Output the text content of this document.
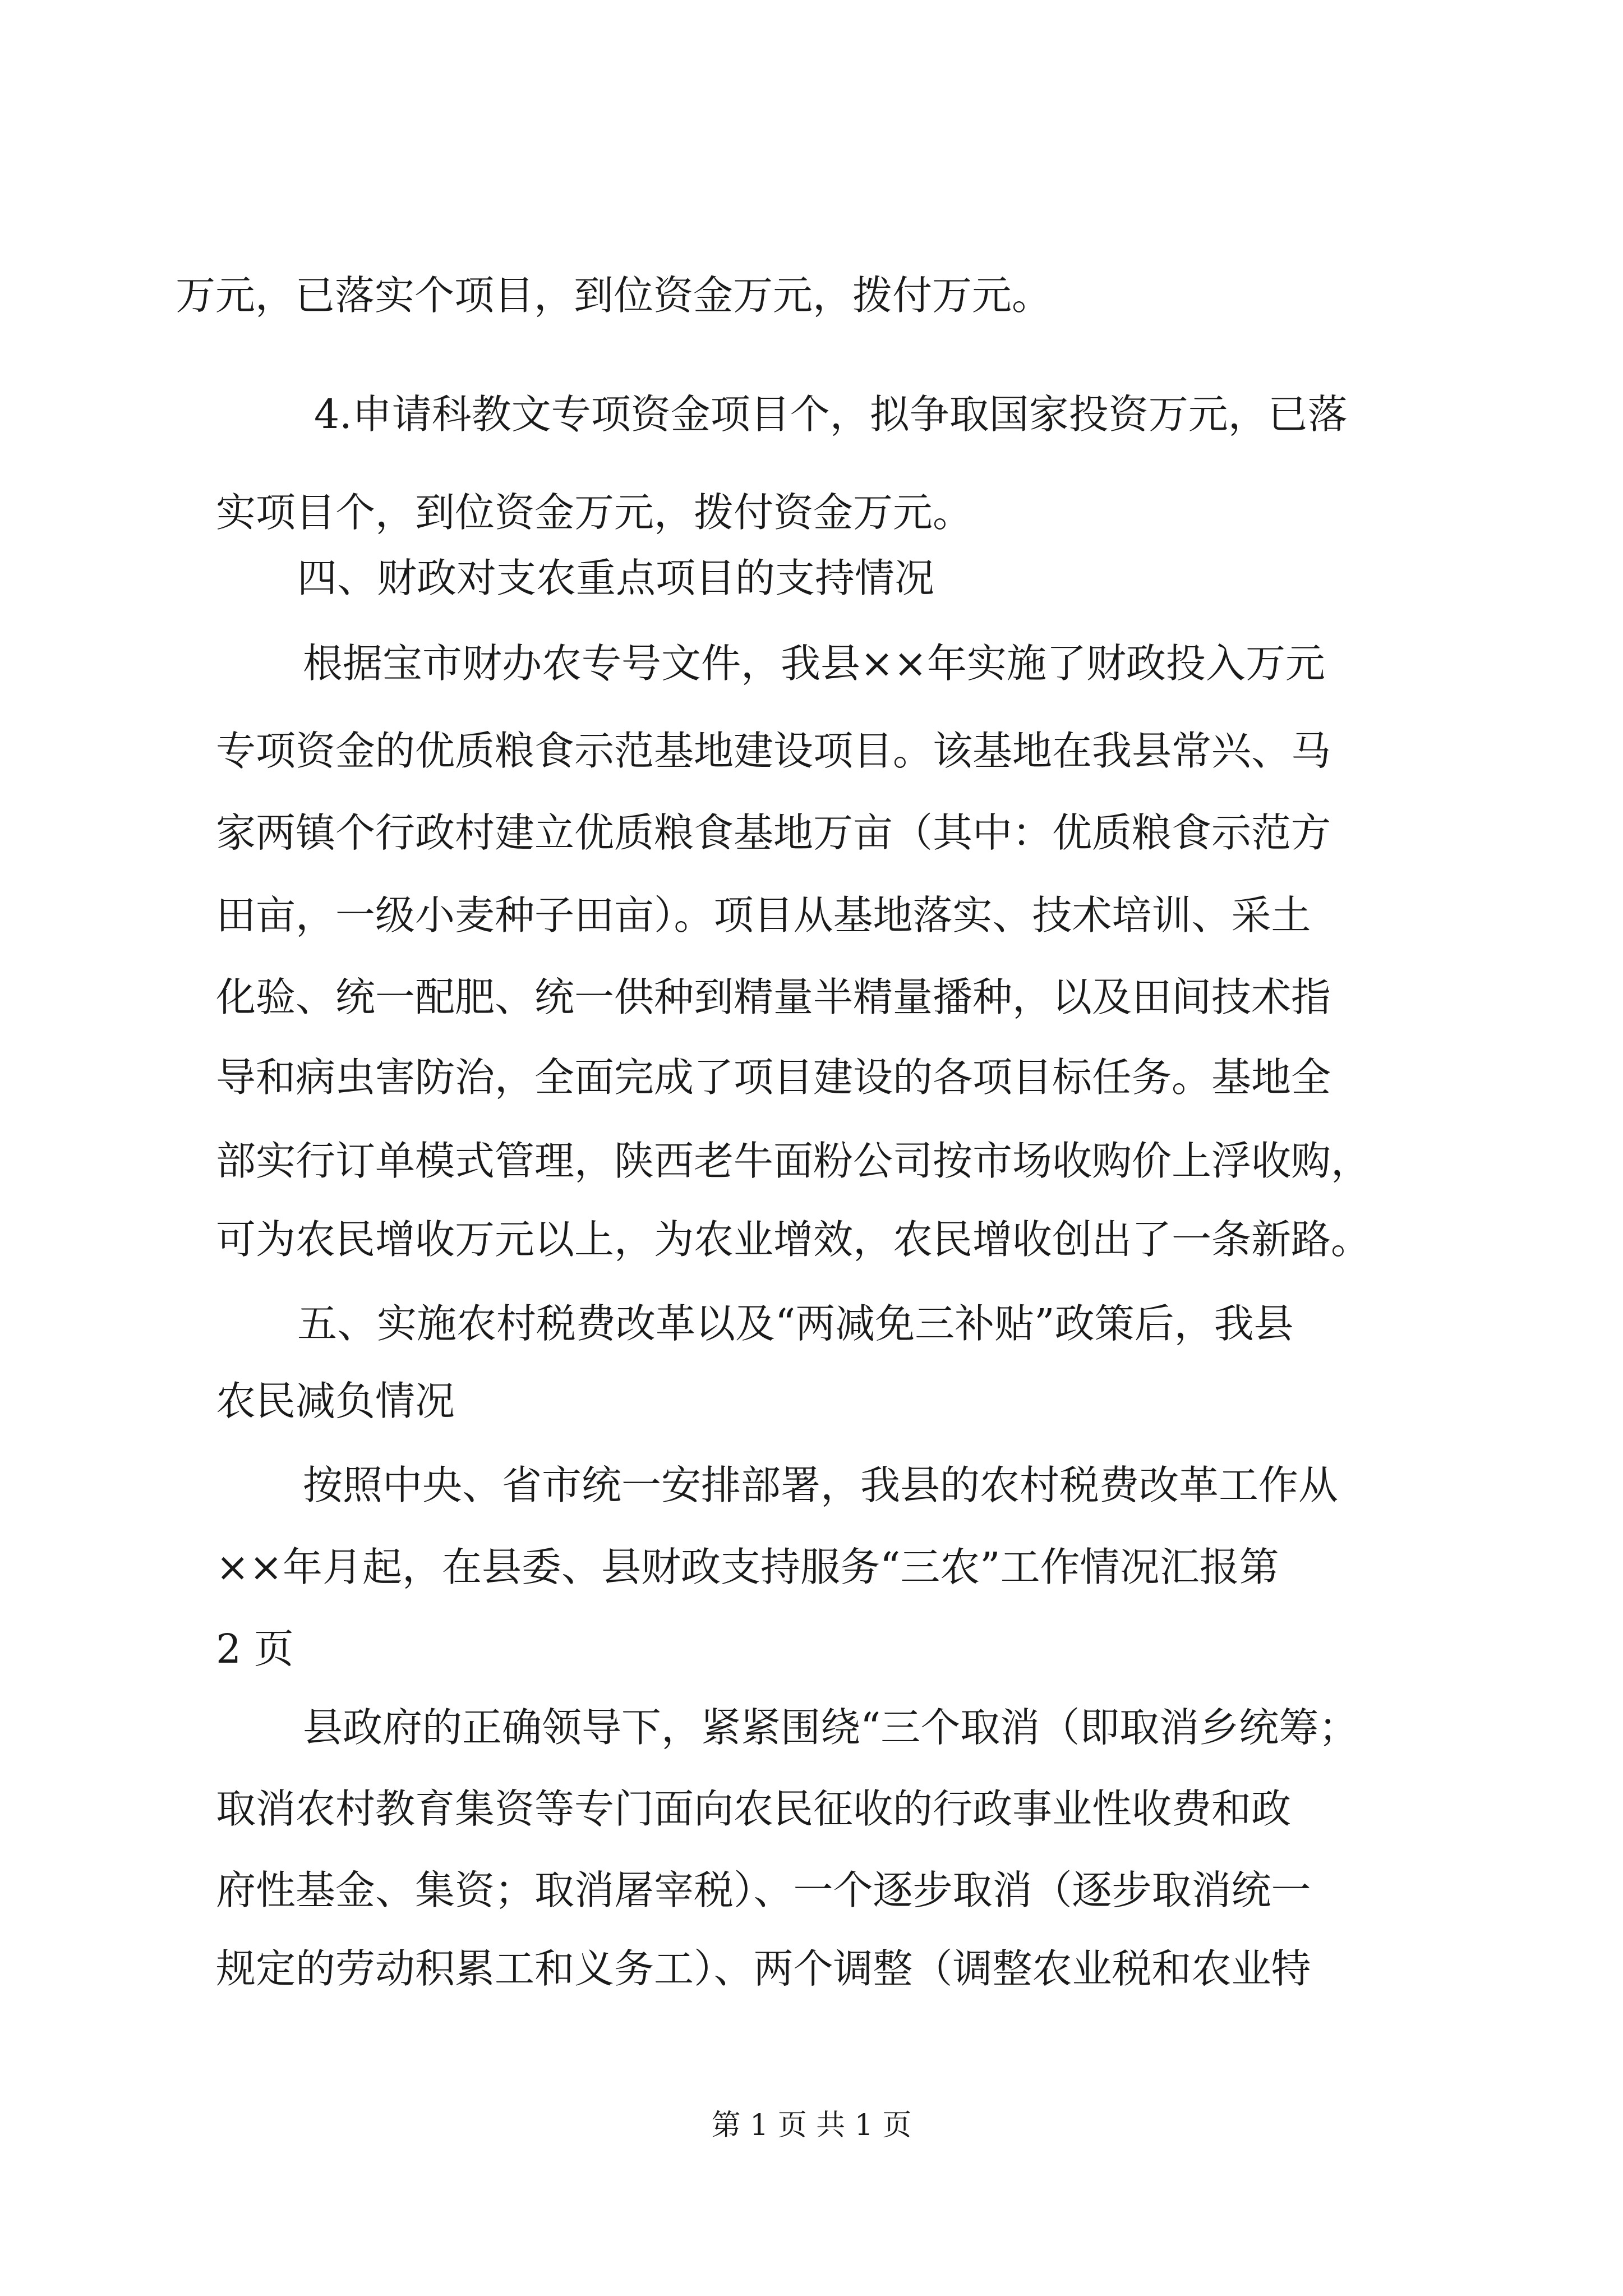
万元，已落实个项目，到位资金万元，拨付万元。
4.申请科教文专项资金项目个，拟争取国家投资万元，已落
实项目个，到位资金万元，拨付资金万元。
四、财政对支农重点项目的支持情况
根据宝市财办农专号文件，我县××年实施了财政投入万元
专项资金的优质粮食示范基地建设项目。该基地在我县常兴、马
家两镇个行政村建立优质粮食基地万亩（其中：优质粮食示范方
田亩，一级小麦种子田亩）。项目从基地落实、技术培训、采土
化验、统一配肥、统一供种到精量半精量播种，以及田间技术指
导和病虫害防治，全面完成了项目建设的各项目标任务。基地全
部实行订单模式管理，陕西老牛面粉公司按市场收购价上浮收购，
可为农民增收万元以上，为农业增效，农民增收创出了一条新路。
五、实施农村税费改革以及“两减免三补贴”政策后，我县
农民减负情况
按照中央、省市统一安排部署，我县的农村税费改革工作从
××年月起，在县委、县财政支持服务“三农”工作情况汇报第
2 页
县政府的正确领导下，紧紧围绕“三个取消（即取消乡统筹；
取消农村教育集资等专门面向农民征收的行政事业性收费和政
府性基金、集资；取消屠宰税）、一个逐步取消（逐步取消统一
规定的劳动积累工和义务工）、两个调整（调整农业税和农业特
第 1 页 共 1 页
